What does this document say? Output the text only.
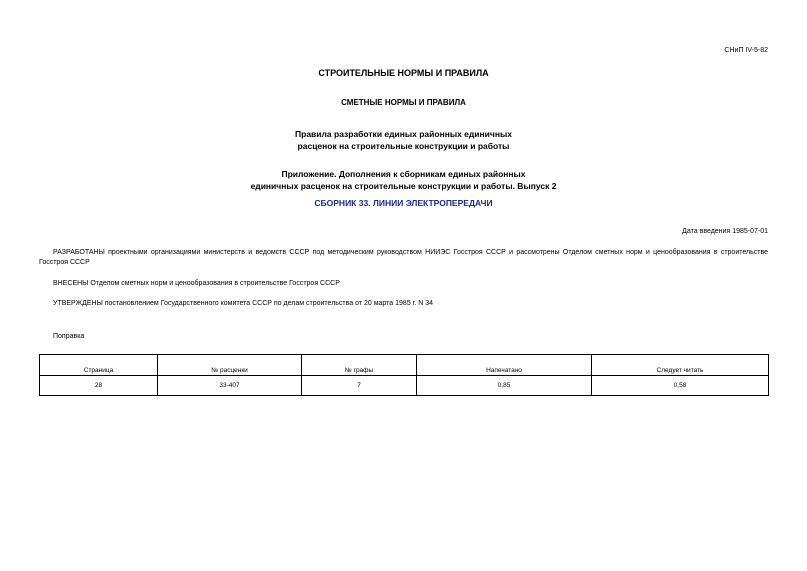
СНиП IV-5-82
СТРОИТЕЛЬНЫЕ НОРМЫ И ПРАВИЛА
СМЕТНЫЕ НОРМЫ И ПРАВИЛА
Правила разработки единых районных единичных
расценок на строительные конструкции и работы
Приложение. Дополнения к сборникам единых районных
единичных расценок на строительные конструкции и работы. Выпуск 2
СБОРНИК 33. ЛИНИИ ЭЛЕКТРОПЕРЕДАЧИ
Дата введения 1985-07-01
РАЗРАБОТАНЫ проектными организациями министерств и ведомств СССР под методическим руководством НИИЭС Госстроя СССР и рассмотрены Отделом сметных норм и ценообразования в строительстве Госстроя СССР
ВНЕСЕНЫ Отделом сметных норм и ценообразования в строительстве Госстроя СССР
УТВЕРЖДЕНЫ постановлением Государственного комитета СССР по делам строительства от 20 марта 1985 г. N 34
Поправка
Страница	№ расценки	№ графы	Напечатано	Следует читать
28	33-407	7	0,85	0,58
